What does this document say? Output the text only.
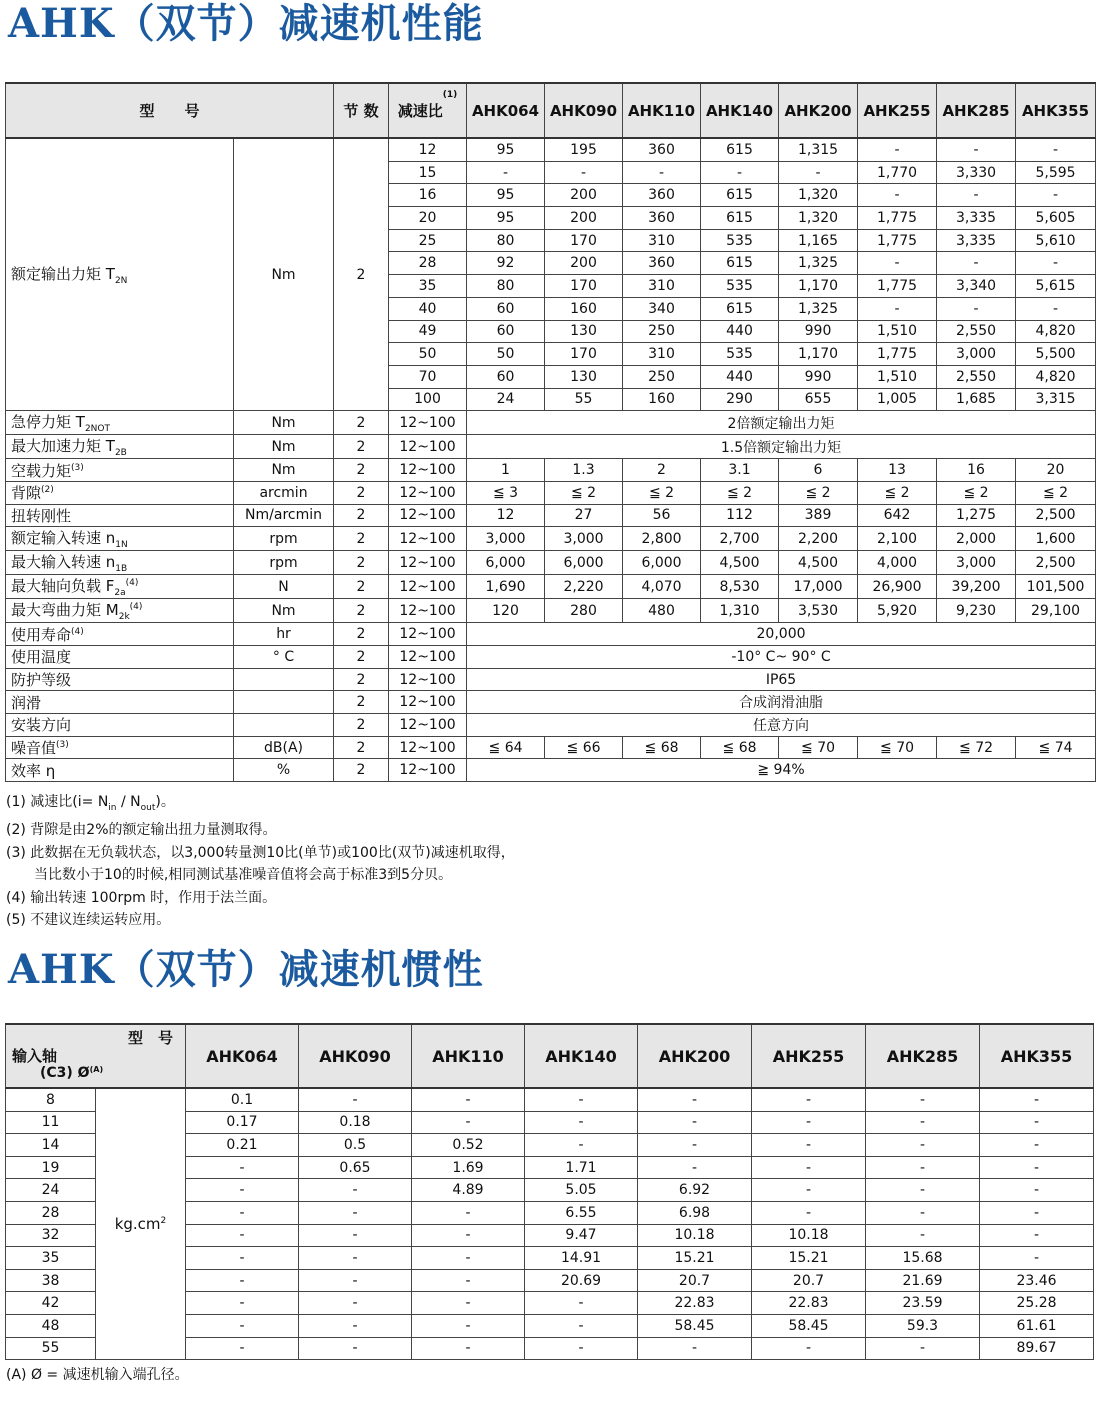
AHK（双节）减速机性能
型　　号		节 数	减速比$^{(1)}$	AHK064	AHK090	AHK110	AHK140	AHK200	AHK255	AHK285	AHK355
额定输出力矩 $T_{2N}$	Nm	2	12	95	195	360	615	1,315	-	-	-
			15	-	-	-	-	-	1,770	3,330	5,595
			16	95	200	360	615	1,320	-	-	-
			20	95	200	360	615	1,320	1,775	3,335	5,605
			25	80	170	310	535	1,165	1,775	3,335	5,610
			28	92	200	360	615	1,325	-	-	-
			35	80	170	310	535	1,170	1,775	3,340	5,615
			40	60	160	340	615	1,325	-	-	-
			49	60	130	250	440	990	1,510	2,550	4,820
			50	50	170	310	535	1,170	1,775	3,000	5,500
			70	60	130	250	440	990	1,510	2,550	4,820
			100	24	55	160	290	655	1,005	1,685	3,315
急停力矩 $T_{2NOT}$	Nm	2	12~100	2倍额定输出力矩							
最大加速力矩 $T_{2B}$	Nm	2	12~100	1.5倍额定输出力矩							
空载力矩$^{(3)}$	Nm	2	12~100	1	1.3	2	3.1	6	13	16	20
背隙$^{(2)}$	arcmin	2	12~100	≦ 3	≦ 2	≦ 2	≦ 2	≦ 2	≦ 2	≦ 2	≦ 2
扭转刚性	Nm/arcmin	2	12~100	12	27	56	112	389	642	1,275	2,500
额定输入转速 $n_{1N}$	rpm	2	12~100	3,000	3,000	2,800	2,700	2,200	2,100	2,000	1,600
最大输入转速 $n_{1B}$	rpm	2	12~100	6,000	6,000	6,000	4,500	4,500	4,000	3,000	2,500
最大轴向负载 $F_{2a}^{(4)}$	N	2	12~100	1,690	2,220	4,070	8,530	17,000	26,900	39,200	101,500
最大弯曲力矩 $M_{2k}^{(4)}$	Nm	2	12~100	120	280	480	1,310	3,530	5,920	9,230	29,100
使用寿命$^{(4)}$	hr	2	12~100	20,000							
使用温度	° C	2	12~100	-10° C~ 90° C							
防护等级		2	12~100	IP65							
润滑		2	12~100	合成润滑油脂							
安装方向		2	12~100	任意方向							
噪音值$^{(3)}$	dB(A)	2	12~100	≦ 64	≦ 66	≦ 68	≦ 68	≦ 70	≦ 70	≦ 72	≦ 74
效率 η	%	2	12~100	≧ 94%							
(1) 减速比$(i= N_{in} / N_{out})$。
(2) 背隙是由2%的额定输出扭力量测取得。
(3) 此数据在无负载状态，以3,000转量测10比(单节)或100比(双节)减速机取得，
　　当比数小于10的时候,相同测试基准噪音值将会高于标准3到5分贝。
(4) 输出转速 100rpm 时，作用于法兰面。
(5) 不建议连续运转应用。
AHK（双节）减速机惯性
型　号
输入轴
(C3) $Ø^{(A)}$		AHK064	AHK090	AHK110	AHK140	AHK200	AHK255	AHK285	AHK355
8	$kg.cm^2$	0.1	-	-	-	-	-	-	-
11		0.17	0.18	-	-	-	-	-	-
14		0.21	0.5	0.52	-	-	-	-	-
19		-	0.65	1.69	1.71	-	-	-	-
24		-	-	4.89	5.05	6.92	-	-	-
28		-	-	-	6.55	6.98	-	-	-
32		-	-	-	9.47	10.18	10.18	-	-
35		-	-	-	14.91	15.21	15.21	15.68	-
38		-	-	-	20.69	20.7	20.7	21.69	23.46
42		-	-	-	-	22.83	22.83	23.59	25.28
48		-	-	-	-	58.45	58.45	59.3	61.61
55		-	-	-	-	-	-	-	89.67
(A) Ø = 减速机输入端孔径。
